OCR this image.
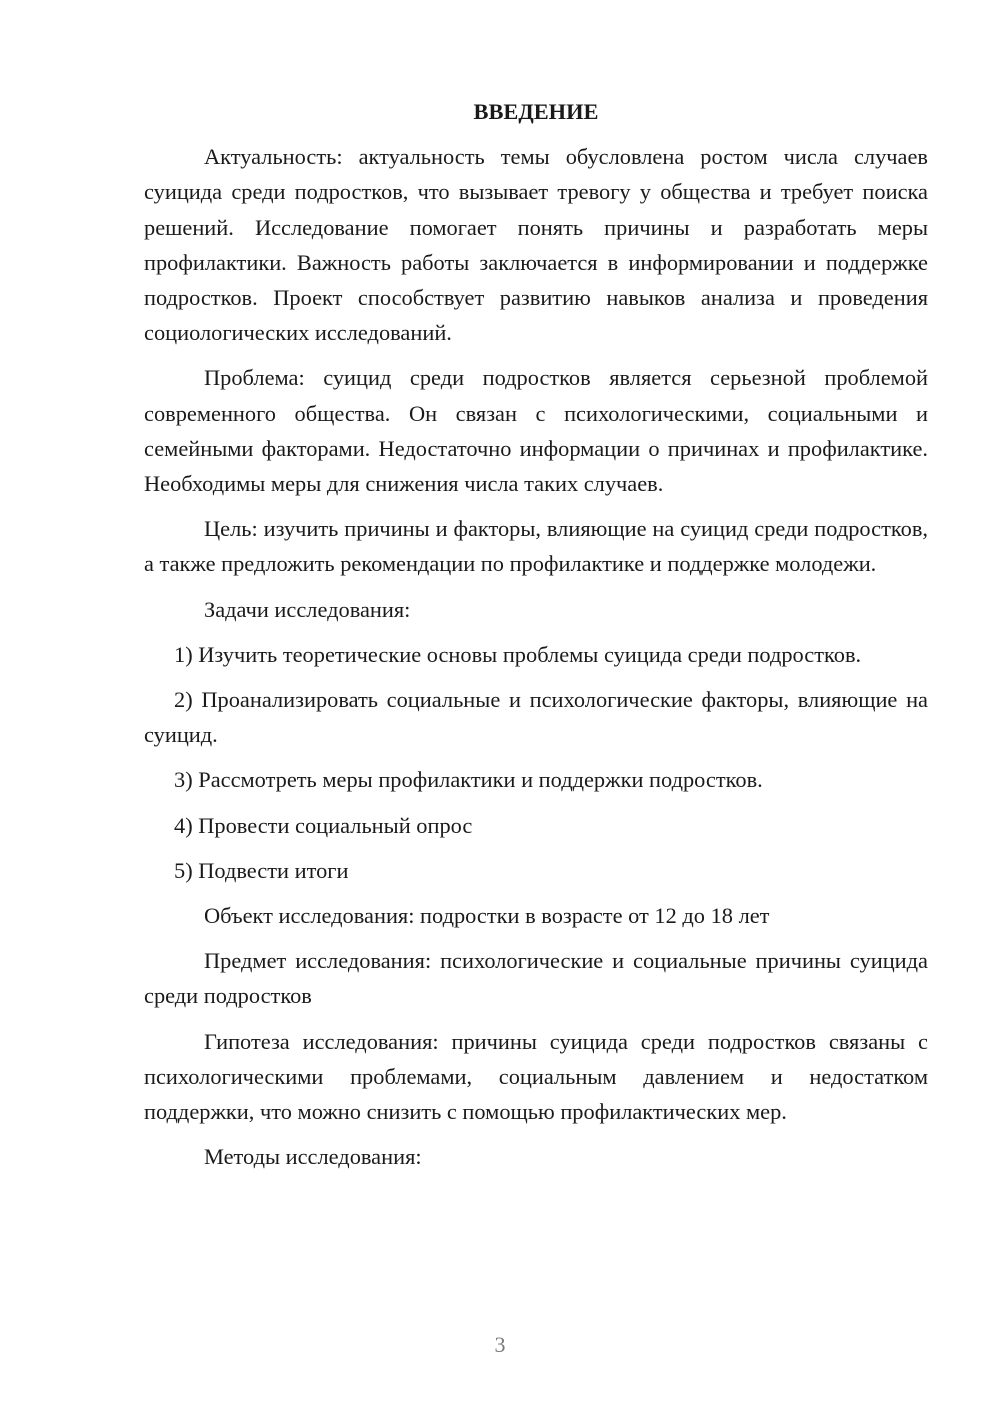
ВВЕДЕНИЕ

Актуальность: актуальность темы обусловлена ростом числа случаев суицида среди подростков, что вызывает тревогу у общества и требует поиска решений. Исследование помогает понять причины и разработать меры профилактики. Важность работы заключается в информировании и поддержке подростков. Проект способствует развитию навыков анализа и проведения социологических исследований.

Проблема: суицид среди подростков является серьезной проблемой современного общества. Он связан с психологическими, социальными и семейными факторами. Недостаточно информации о причинах и профилактике. Необходимы меры для снижения числа таких случаев.

Цель: изучить причины и факторы, влияющие на суицид среди подростков, а также предложить рекомендации по профилактике и поддержке молодежи.

Задачи исследования:

1) Изучить теоретические основы проблемы суицида среди подростков.

2) Проанализировать социальные и психологические факторы, влияющие на суицид.

3) Рассмотреть меры профилактики и поддержки подростков.

4) Провести социальный опрос

5) Подвести итоги

Объект исследования: подростки в возрасте от 12 до 18 лет

Предмет исследования: психологические и социальные причины суицида среди подростков

Гипотеза исследования: причины суицида среди подростков связаны с психологическими проблемами, социальным давлением и недостатком поддержки, что можно снизить с помощью профилактических мер.

Методы исследования:

3
